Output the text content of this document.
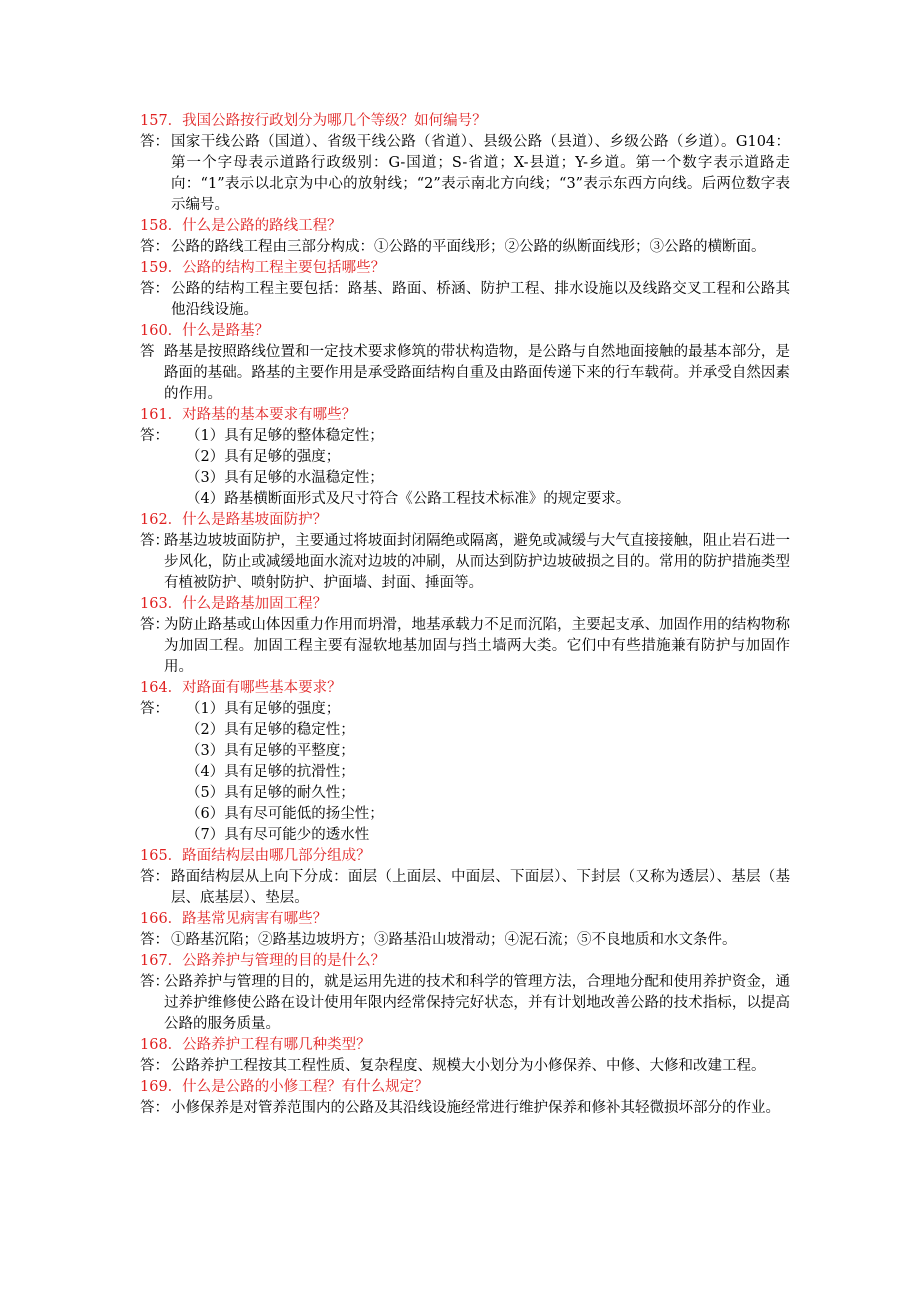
157．我国公路按行政划分为哪几个等级？如何编号？

答： 国家干线公路（国道）、省级干线公路（省道）、县级公路（县道）、乡级公路（乡道）。G104：第一个字母表示道路行政级别：G-国道；S-省道；X-县道；Y-乡道。第一个数字表示道路走向：“1”表示以北京为中心的放射线；“2”表示南北方向线；“3”表示东西方向线。后两位数字表示编号。

158．什么是公路的路线工程？

答： 公路的路线工程由三部分构成：①公路的平面线形；②公路的纵断面线形；③公路的横断面。

159．公路的结构工程主要包括哪些？

答： 公路的结构工程主要包括：路基、路面、桥涵、防护工程、排水设施以及线路交叉工程和公路其他沿线设施。

160．什么是路基？

答 路基是按照路线位置和一定技术要求修筑的带状构造物，是公路与自然地面接触的最基本部分，是路面的基础。路基的主要作用是承受路面结构自重及由路面传递下来的行车载荷。并承受自然因素的作用。

161．对路基的基本要求有哪些？

答：	（1）具有足够的整体稳定性；

（2）具有足够的强度；

（3）具有足够的水温稳定性；

（4）路基横断面形式及尺寸符合《公路工程技术标准》的规定要求。

162．什么是路基坡面防护？

答：
路基边坡坡面防护，主要通过将坡面封闭隔绝或隔离，避免或减缓与大气直接接触，阻止岩石进一步风化，防止或减缓地面水流对边坡的冲刷，从而达到防护边坡破损之目的。常用的防护措施类型有植被防护、喷射防护、护面墙、封面、捶面等。

163．什么是路基加固工程？

答：
为防止路基或山体因重力作用而坍滑，地基承载力不足而沉陷，主要起支承、加固作用的结构物称为加固工程。加固工程主要有湿软地基加固与挡土墙两大类。它们中有些措施兼有防护与加固作用。

164．对路面有哪些基本要求？

答：	（1）具有足够的强度；

（2）具有足够的稳定性；

（3）具有足够的平整度；

（4）具有足够的抗滑性；

（5）具有足够的耐久性；

（6）具有尽可能低的扬尘性；

（7）具有尽可能少的透水性

165．路面结构层由哪几部分组成？

答： 路面结构层从上向下分成：面层（上面层、中面层、下面层）、下封层（又称为透层）、基层（基层、底基层）、垫层。

166．路基常见病害有哪些？

答： ①路基沉陷；②路基边坡坍方；③路基沿山坡滑动；④泥石流；⑤不良地质和水文条件。

167．公路养护与管理的目的是什么？

答：
公路养护与管理的目的，就是运用先进的技术和科学的管理方法，合理地分配和使用养护资金，通过养护维修使公路在设计使用年限内经常保持完好状态，并有计划地改善公路的技术指标，以提高公路的服务质量。

168．公路养护工程有哪几种类型？

答： 公路养护工程按其工程性质、复杂程度、规模大小划分为小修保养、中修、大修和改建工程。

169．什么是公路的小修工程？有什么规定？

答： 小修保养是对管养范围内的公路及其沿线设施经常进行维护保养和修补其轻微损坏部分的作业。
